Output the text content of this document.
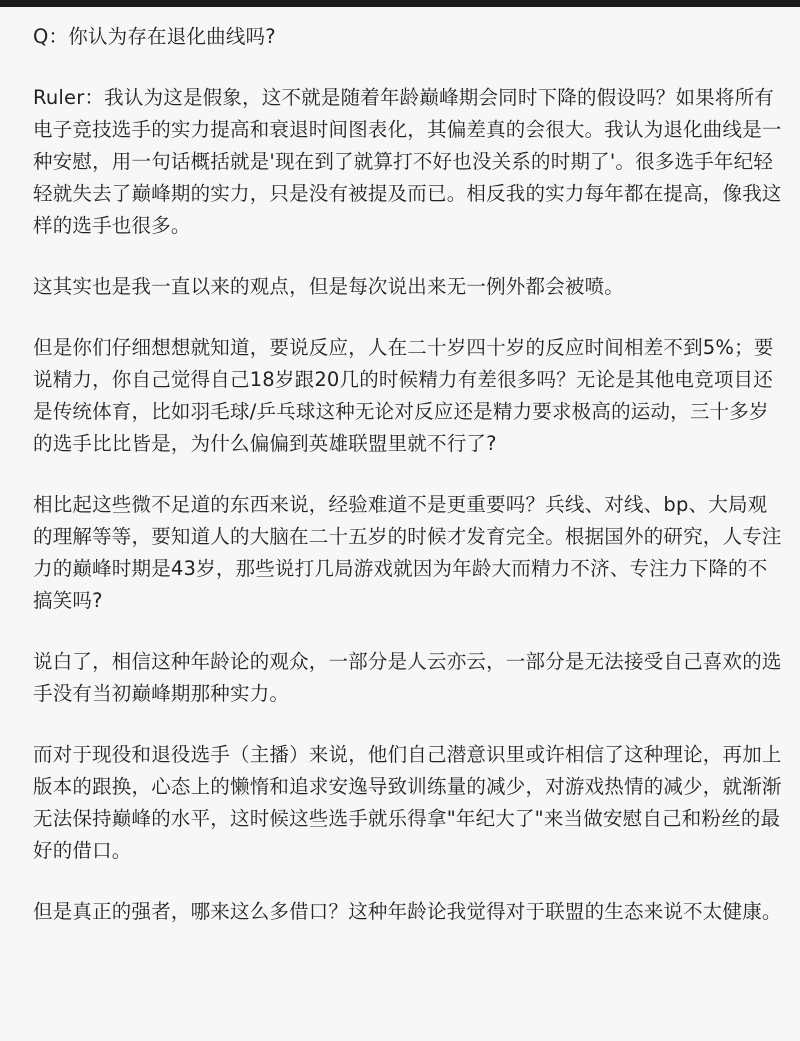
Q：你认为存在退化曲线吗?

Ruler：我认为这是假象，这不就是随着年龄巅峰期会同时下降的假设吗？如果将所有电子竞技选手的实力提高和衰退时间图表化，其偏差真的会很大。我认为退化曲线是一种安慰，用一句话概括就是'现在到了就算打不好也没关系的时期了'。很多选手年纪轻轻就失去了巅峰期的实力，只是没有被提及而已。相反我的实力每年都在提高，像我这样的选手也很多。

这其实也是我一直以来的观点，但是每次说出来无一例外都会被喷。

但是你们仔细想想就知道，要说反应，人在二十岁四十岁的反应时间相差不到5%；要说精力，你自己觉得自己18岁跟20几的时候精力有差很多吗？无论是其他电竞项目还是传统体育，比如羽毛球/乒乓球这种无论对反应还是精力要求极高的运动，三十多岁的选手比比皆是，为什么偏偏到英雄联盟里就不行了?

相比起这些微不足道的东西来说，经验难道不是更重要吗？兵线、对线、bp、大局观的理解等等，要知道人的大脑在二十五岁的时候才发育完全。根据国外的研究，人专注力的巅峰时期是43岁，那些说打几局游戏就因为年龄大而精力不济、专注力下降的不搞笑吗?

说白了，相信这种年龄论的观众，一部分是人云亦云，一部分是无法接受自己喜欢的选手没有当初巅峰期那种实力。

而对于现役和退役选手（主播）来说，他们自己潜意识里或许相信了这种理论，再加上版本的跟换，心态上的懒惰和追求安逸导致训练量的减少，对游戏热情的减少，就渐渐无法保持巅峰的水平，这时候这些选手就乐得拿"年纪大了"来当做安慰自己和粉丝的最好的借口。

但是真正的强者，哪来这么多借口？这种年龄论我觉得对于联盟的生态来说不太健康。
